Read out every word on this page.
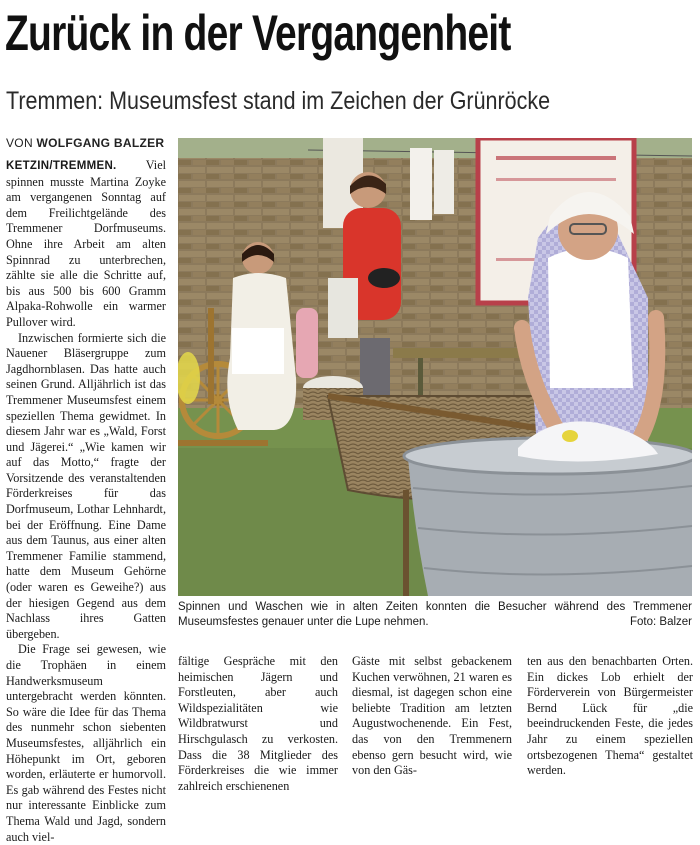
Zurück in der Vergangenheit
Tremmen: Museumsfest stand im Zeichen der Grünröcke
VON WOLFGANG BALZER

KETZIN/TREMMEN. Viel spinnen musste Martina Zoyke am vergangenen Sonntag auf dem Freilichtgelände des Tremmener Dorfmuseums. Ohne ihre Arbeit am alten Spinnrad zu unterbrechen, zählte sie alle die Schritte auf, bis aus 500 bis 600 Gramm Alpaka-Rohwolle ein warmer Pullover wird.

Inzwischen formierte sich die Nauener Bläsergruppe zum Jagdhornblasen. Das hatte auch seinen Grund. Alljährlich ist das Tremmener Museumsfest einem speziellen Thema gewidmet. In diesem Jahr war es „Wald, Forst und Jägerei.“ „Wie kamen wir auf das Motto,“ fragte der Vorsitzende des veranstaltenden Förderkreises für das Dorfmuseum, Lothar Lehnhardt, bei der Eröffnung. Eine Dame aus dem Taunus, aus einer alten Tremmener Familie stammend, hatte dem Museum Gehörne (oder waren es Geweihe?) aus der hiesigen Gegend aus dem Nachlass ihres Gatten übergeben.

Die Frage sei gewesen, wie die Trophäen in einem Handwerksmuseum untergebracht werden könnten. So wäre die Idee für das Thema des nunmehr schon siebenten Museumsfestes, alljährlich ein Höhepunkt im Ort, geboren worden, erläuterte er humorvoll. Es gab während des Festes nicht nur interessante Einblicke zum Thema Wald und Jagd, sondern auch viel-

Spinnen und Waschen wie in alten Zeiten konnten die Besucher während des Tremmener Museumsfestes genauer unter die Lupe nehmen.	Foto: Balzer

fältige Gespräche mit den heimischen Jägern und Forstleuten, aber auch Wildspezialitäten wie Wildbratwurst und Hirschgulasch zu verkosten. Dass die 38 Mitglieder des Förderkreises die wie immer zahlreich erschienenen

Gäste mit selbst gebackenem Kuchen verwöhnen, 21 waren es diesmal, ist dagegen schon eine beliebte Tradition am letzten Augustwochenende. Ein Fest, das von den Tremmenern ebenso gern besucht wird, wie von den Gäs-

ten aus den benachbarten Orten. Ein dickes Lob erhielt der Förderverein von Bürgermeister Bernd Lück für „die beeindruckenden Feste, die jedes Jahr zu einem speziellen ortsbezogenen Thema“ gestaltet werden.
